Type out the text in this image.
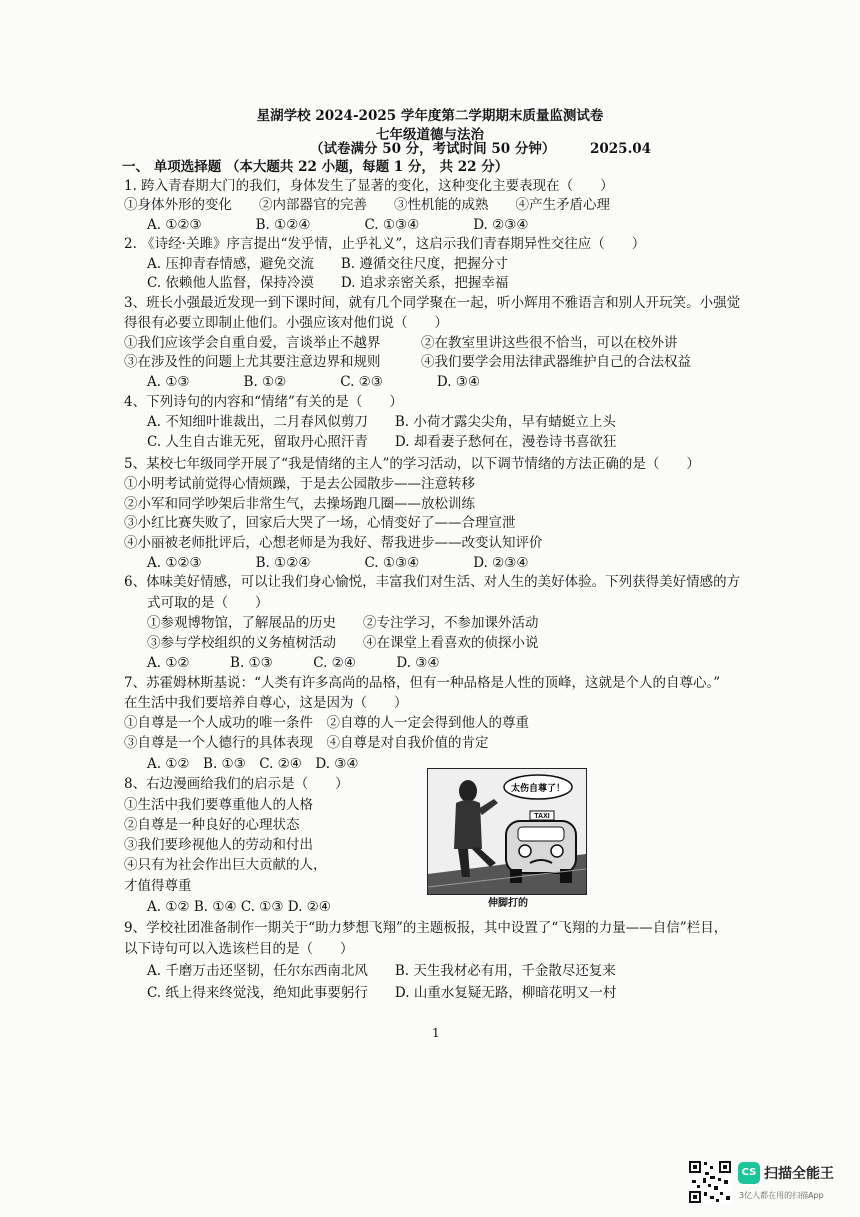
星湖学校 2024-2025 学年度第二学期期末质量监测试卷
七年级道德与法治
（试卷满分 50 分，考试时间 50 分钟）	2025.04
一、 单项选择题 （本大题共 22 小题，每题 1 分， 共 22 分）
1. 跨入青春期大门的我们，身体发生了显著的变化，这种变化主要表现在（　　）
①身体外形的变化　　②内部器官的完善　　③性机能的成熟　　④产生矛盾心理
A. ①②③　　　　B. ①②④　　　　C. ①③④　　　　D. ②③④
2. 《诗经·关雎》序言提出“发乎情，止乎礼义”，这启示我们青春期异性交往应（　　）
A. 压抑青春情感，避免交流　　B. 遵循交往尺度，把握分寸
C. 依赖他人监督，保持冷漠　　D. 追求亲密关系，把握幸福
3、班长小强最近发现一到下课时间，就有几个同学聚在一起，听小辉用不雅语言和别人开玩笑。小强觉
得很有必要立即制止他们。小强应该对他们说（　　）
①我们应该学会自重自爱，言谈举止不越界　　　②在教室里讲这些很不恰当，可以在校外讲
③在涉及性的问题上尤其要注意边界和规则　　　④我们要学会用法律武器维护自己的合法权益
A. ①③　　　　B. ①②　　　　C. ②③　　　　D. ③④
4、下列诗句的内容和“情绪”有关的是（　　）
A. 不知细叶谁裁出，二月春风似剪刀　　B. 小荷才露尖尖角，早有蜻蜓立上头
C. 人生自古谁无死，留取丹心照汗青　　D. 却看妻子愁何在，漫卷诗书喜欲狂
5、某校七年级同学开展了“我是情绪的主人”的学习活动，以下调节情绪的方法正确的是（　　）
①小明考试前觉得心情烦躁，于是去公园散步——注意转移
②小军和同学吵架后非常生气，去操场跑几圈——放松训练
③小红比赛失败了，回家后大哭了一场，心情变好了——合理宣泄
④小丽被老师批评后，心想老师是为我好、帮我进步——改变认知评价
A. ①②③　　　　B. ①②④　　　　C. ①③④　　　　D. ②③④
6、体味美好情感，可以让我们身心愉悦，丰富我们对生活、对人生的美好体验。下列获得美好情感的方
式可取的是（　　）
①参观博物馆，了解展品的历史　　②专注学习，不参加课外活动
③参与学校组织的义务植树活动　　④在课堂上看喜欢的侦探小说
A. ①②　　　B. ①③　　　C. ②④　　　D. ③④
7、苏霍姆林斯基说：“人类有许多高尚的品格，但有一种品格是人性的顶峰，这就是个人的自尊心。”
在生活中我们要培养自尊心，这是因为（　　）
①自尊是一个人成功的唯一条件　②自尊的人一定会得到他人的尊重
③自尊是一个人德行的具体表现　④自尊是对自我价值的肯定
A. ①②　B. ①③　C. ②④　D. ③④
8、右边漫画给我们的启示是（　　）
①生活中我们要尊重他人的人格
②自尊是一种良好的心理状态
③我们要珍视他人的劳动和付出
④只有为社会作出巨大贡献的人，
才值得尊重
A. ①② B. ①④ C. ①③ D. ②④
TAXI
太伤自尊了！
伸脚打的
9、学校社团准备制作一期关于“助力梦想飞翔”的主题板报，其中设置了“飞翔的力量——自信”栏目，
以下诗句可以入选该栏目的是（　　）
A. 千磨万击还坚韧，任尔东西南北风　　B. 天生我材必有用，千金散尽还复来
C. 纸上得来终觉浅，绝知此事要躬行　　D. 山重水复疑无路，柳暗花明又一村
1
CS 扫描全能王
3亿人都在用的扫描App
